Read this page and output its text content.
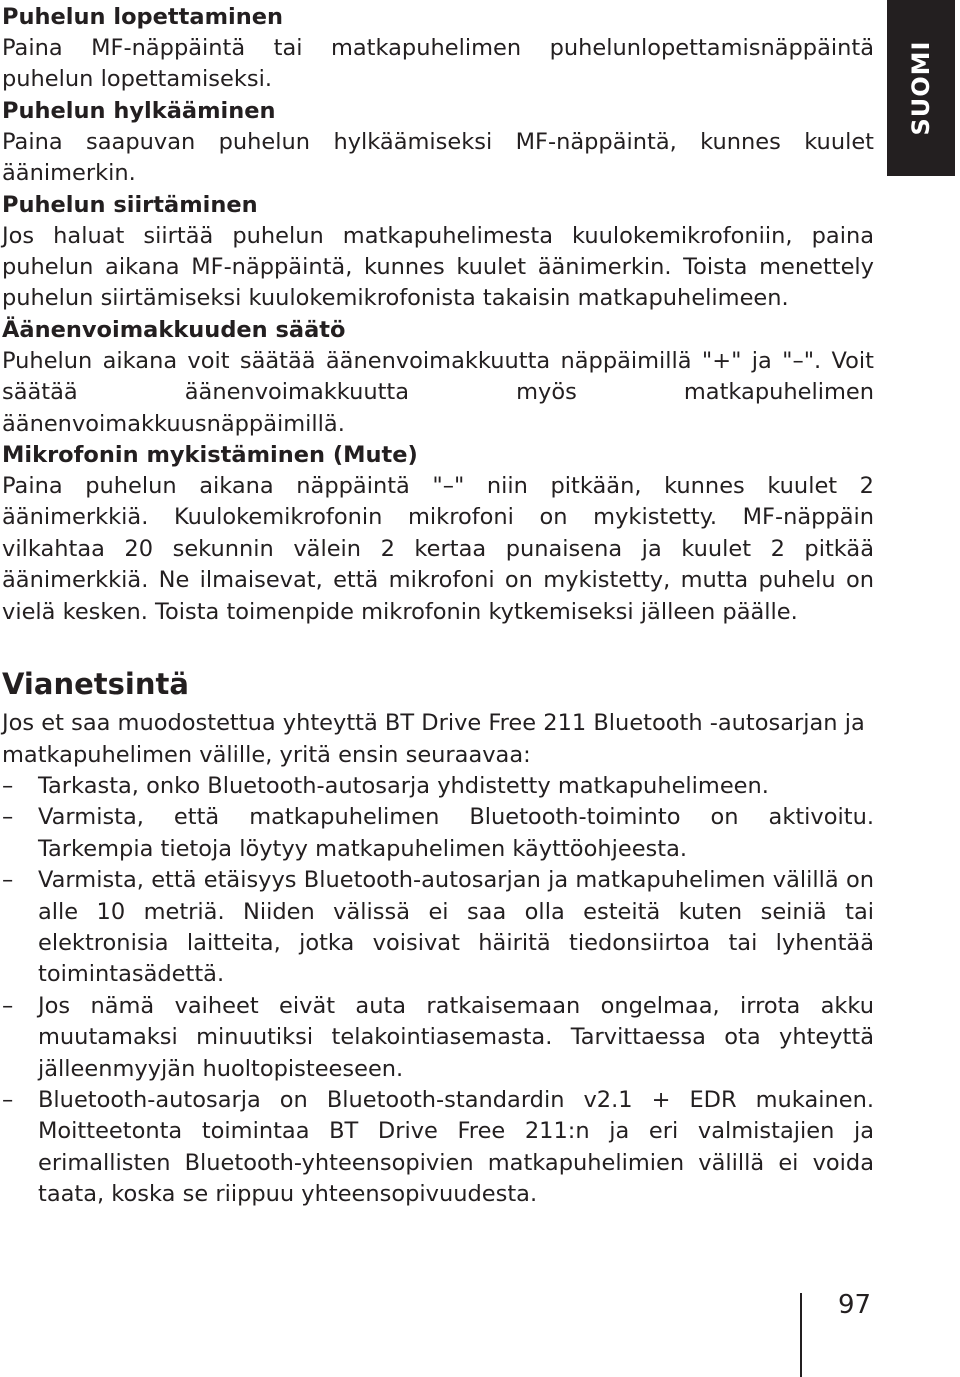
SUOMI

Puhelun lopettaminen

Paina MF-näppäintä tai matkapuhelimen puhelunlopettamisnäppäintä puhelun lopettamiseksi.

Puhelun hylkääminen

Paina saapuvan puhelun hylkäämiseksi MF-näppäintä, kunnes kuulet äänimerkin.

Puhelun siirtäminen

Jos haluat siirtää puhelun matkapuhelimesta kuulokemikrofoniin, paina puhelun aikana MF-näppäintä, kunnes kuulet äänimerkin. Toista menettely puhelun siirtämiseksi kuulokemikrofonista takaisin matkapuhelimeen.

Äänenvoimakkuuden säätö

Puhelun aikana voit säätää äänenvoimakkuutta näppäimillä "+" ja "–". Voit säätää äänenvoimakkuutta myös matkapuhelimen äänenvoimakkuusnäppäimillä.

Mikrofonin mykistäminen (Mute)

Paina puhelun aikana näppäintä "–" niin pitkään, kunnes kuulet 2 äänimerkkiä. Kuulokemikrofonin mikrofoni on mykistetty. MF-näppäin vilkahtaa 20 sekunnin välein 2 kertaa punaisena ja kuulet 2 pitkää äänimerkkiä. Ne ilmaisevat, että mikrofoni on mykistetty, mutta puhelu on vielä kesken. Toista toimenpide mikrofonin kytkemiseksi jälleen päälle.

Vianetsintä

Jos et saa muodostettua yhteyttä BT Drive Free 211 Bluetooth -autosarjan ja matkapuhelimen välille, yritä ensin seuraavaa:

–	Tarkasta, onko Bluetooth-autosarja yhdistetty matkapuhelimeen.
–	Varmista, että matkapuhelimen Bluetooth-toiminto on aktivoitu. Tarkempia tietoja löytyy matkapuhelimen käyttöohjeesta.
–	Varmista, että etäisyys Bluetooth-autosarjan ja matkapuhelimen välillä on alle 10 metriä. Niiden välissä ei saa olla esteitä kuten seiniä tai elektronisia laitteita, jotka voisivat häiritä tiedonsiirtoa tai lyhentää toimintasädettä.
–	Jos nämä vaiheet eivät auta ratkaisemaan ongelmaa, irrota akku muutamaksi minuutiksi telakointiasemasta. Tarvittaessa ota yhteyttä jälleenmyyjän huoltopisteeseen.
–	Bluetooth-autosarja on Bluetooth-standardin v2.1 + EDR mukainen. Moitteetonta toimintaa BT Drive Free 211:n ja eri valmistajien ja erimallisten Bluetooth-yhteensopivien matkapuhelimien välillä ei voida taata, koska se riippuu yhteensopivuudesta.
97
